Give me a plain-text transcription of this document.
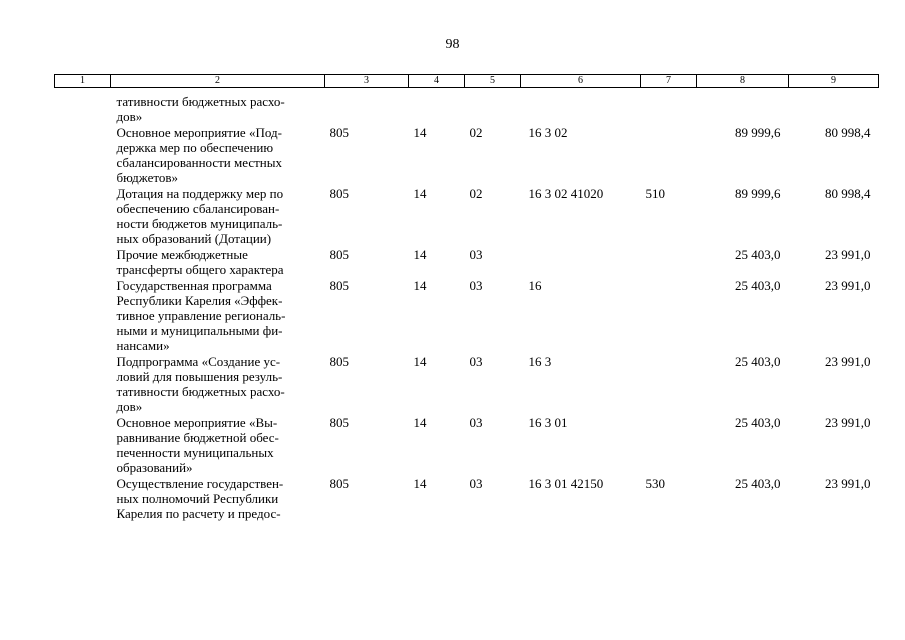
98
1	2	3	4	5	6	7	8	9
	тативности бюджетных расхо-
дов»							
	Основное мероприятие «Под-
держка мер по обеспечению
сбалансированности местных
бюджетов»	805	14	02	16 3 02		89 999,6	80 998,4
	Дотация на поддержку мер по
обеспечению сбалансирован-
ности бюджетов муниципаль-
ных образований (Дотации)	805	14	02	16 3 02 41020	510	89 999,6	80 998,4
	Прочие межбюджетные
трансферты общего характера	805	14	03			25 403,0	23 991,0
	Государственная программа
Республики Карелия «Эффек-
тивное управление региональ-
ными и муниципальными фи-
нансами»	805	14	03	16		25 403,0	23 991,0
	Подпрограмма «Создание ус-
ловий для повышения резуль-
тативности бюджетных расхо-
дов»	805	14	03	16 3		25 403,0	23 991,0
	Основное мероприятие «Вы-
равнивание бюджетной обес-
печенности муниципальных
образований»	805	14	03	16 3 01		25 403,0	23 991,0
	Осуществление государствен-
ных полномочий Республики
Карелия по расчету и предос-	805	14	03	16 3 01 42150	530	25 403,0	23 991,0
